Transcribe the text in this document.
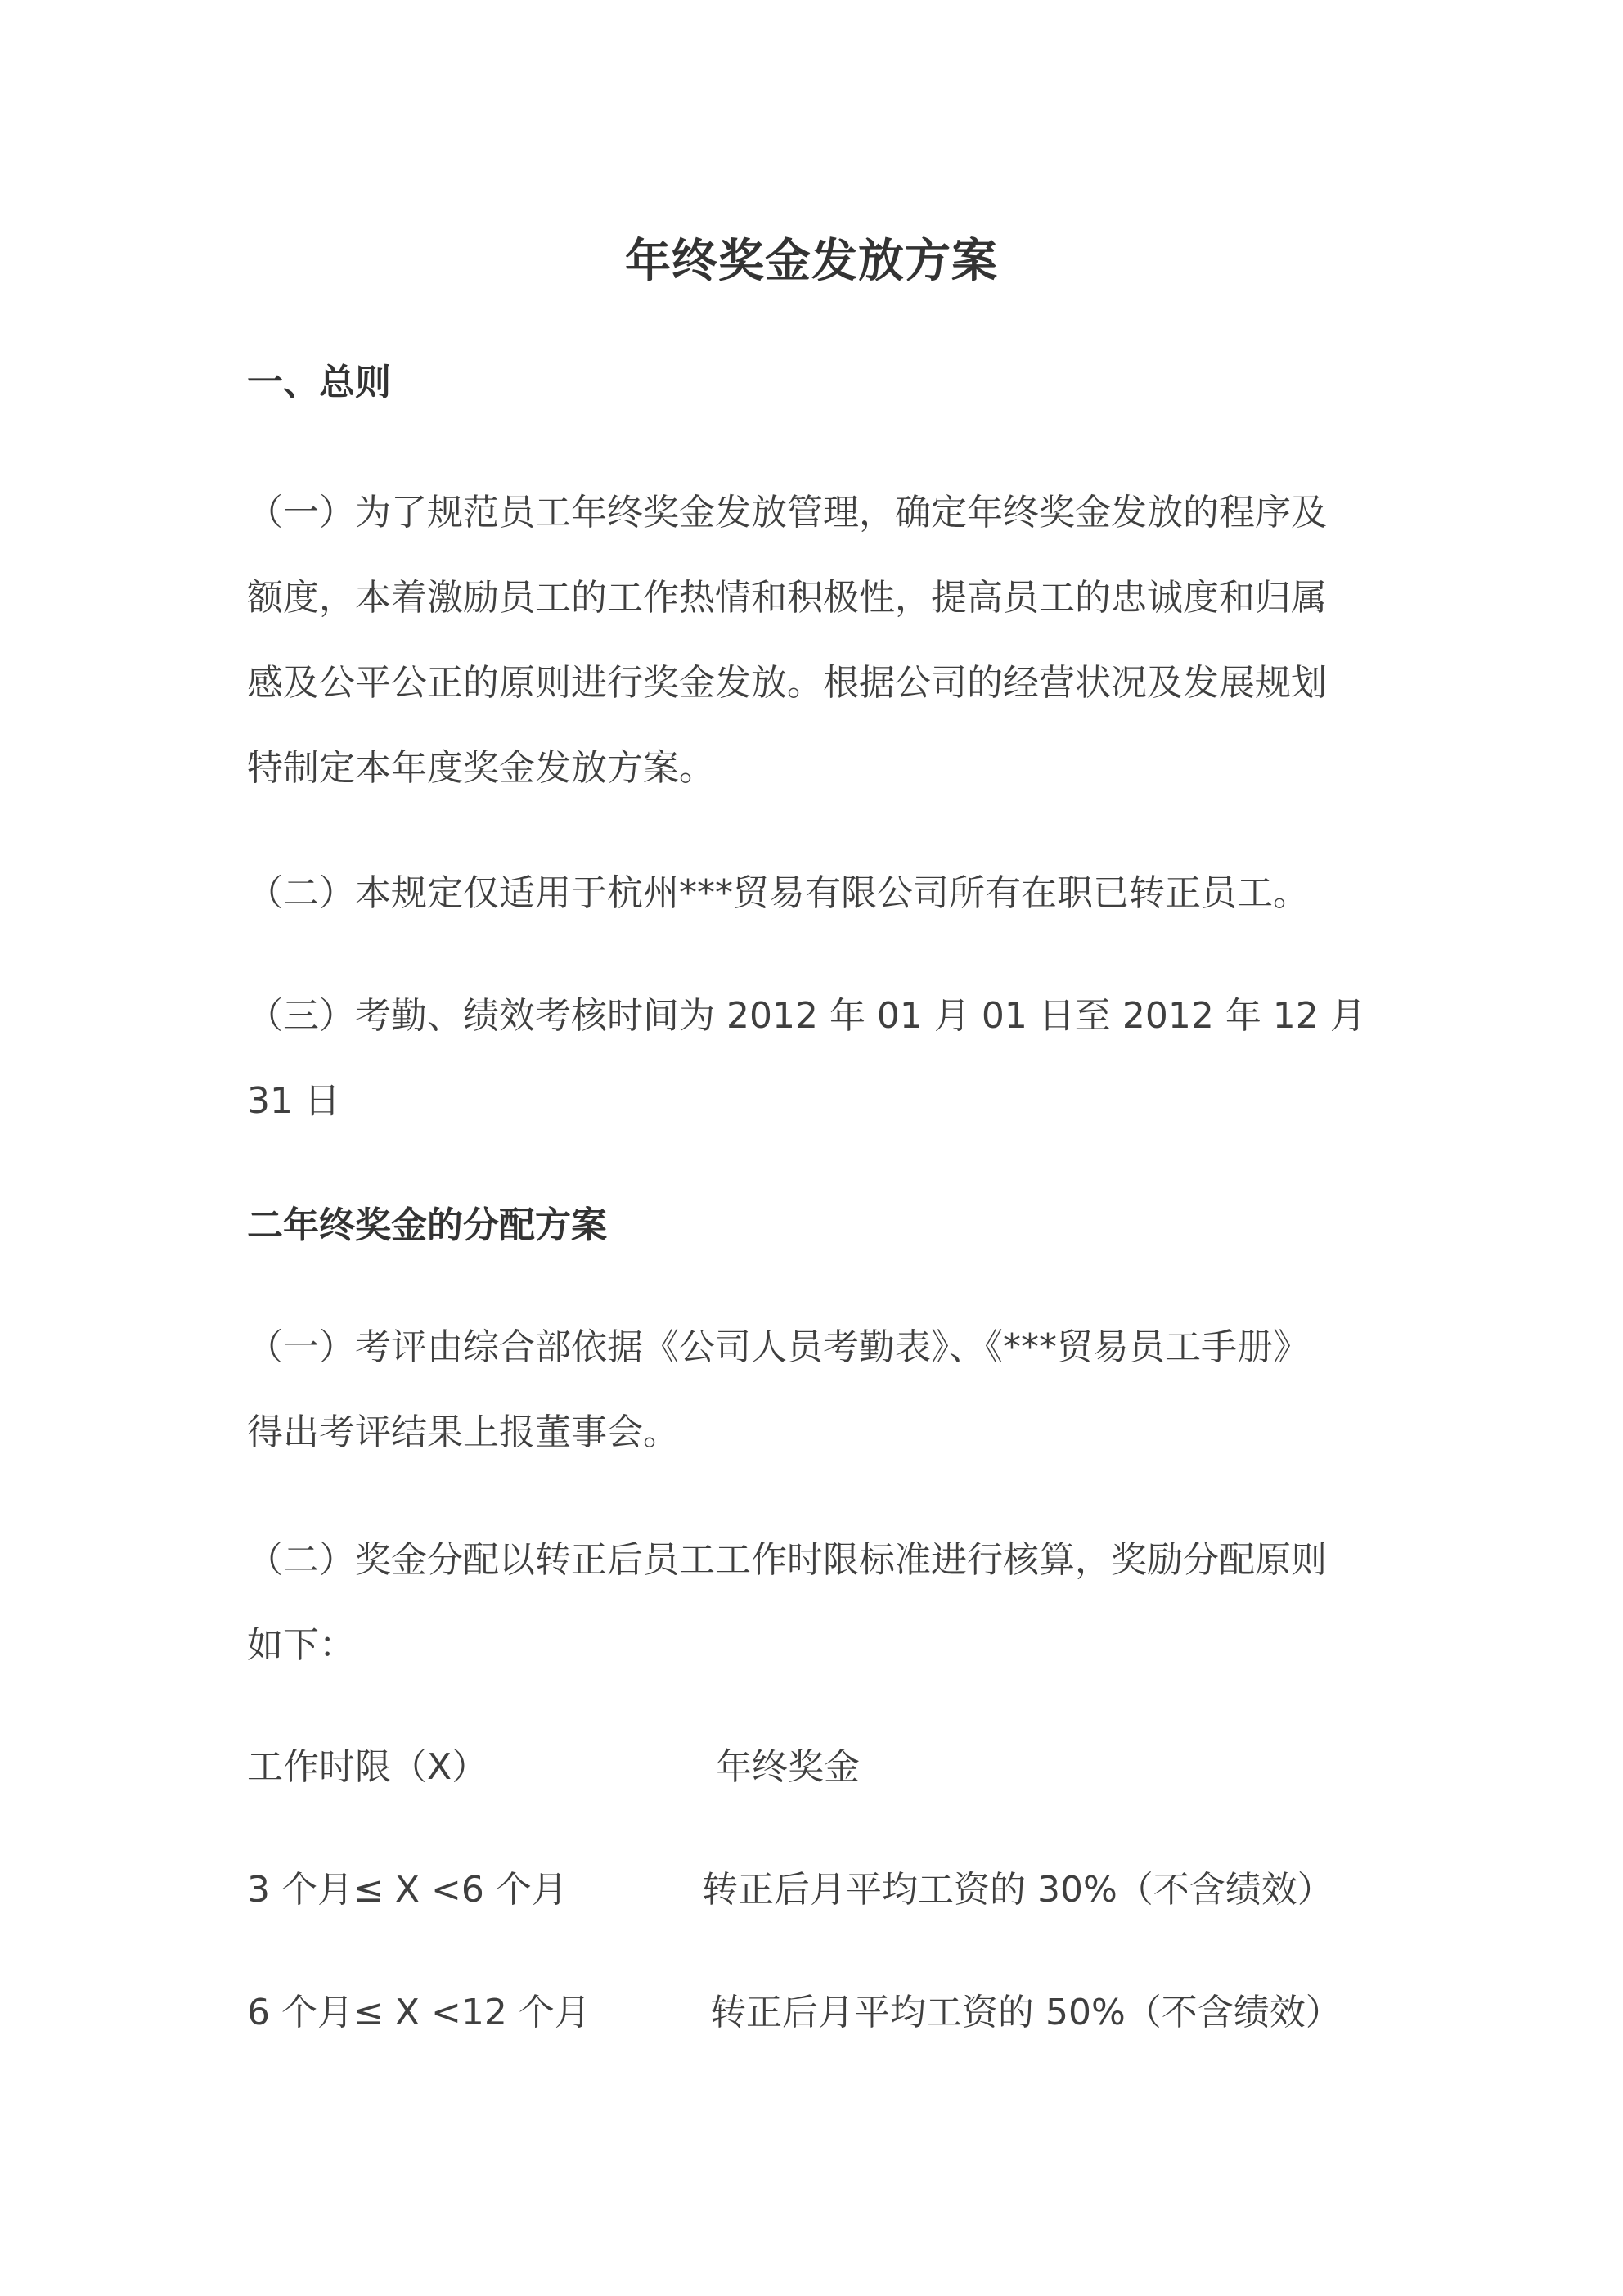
年终奖金发放方案
一、总则
（一）为了规范员工年终奖金发放管理，确定年终奖金发放的程序及
额度，本着激励员工的工作热情和积极性，提高员工的忠诚度和归属
感及公平公正的原则进行奖金发放。根据公司的经营状况及发展规划
特制定本年度奖金发放方案。
（二）本规定仅适用于杭州***贸易有限公司所有在职已转正员工。
（三）考勤、绩效考核时间为 2012 年 01 月 01 日至 2012 年 12 月
31 日
二年终奖金的分配方案
（一）考评由综合部依据《公司人员考勤表》、《***贸易员工手册》
得出考评结果上报董事会。
（二）奖金分配以转正后员工工作时限标准进行核算，奖励分配原则
如下：
工作时限（X）	年终奖金
3 个月≤ X <6 个月	转正后月平均工资的 30%（不含绩效）
6 个月≤ X <12 个月	转正后月平均工资的 50%（不含绩效）
